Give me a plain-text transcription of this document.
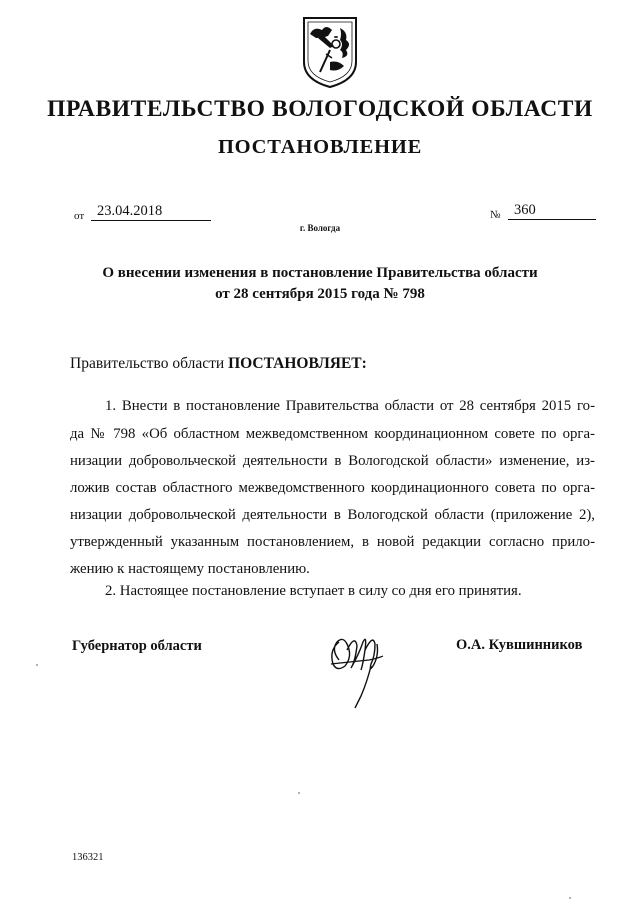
ПРАВИТЕЛЬСТВО ВОЛОГОДСКОЙ ОБЛАСТИ
ПОСТАНОВЛЕНИЕ
от 23.04.2018	№ 360
г. Вологда
О внесении изменения в постановление Правительства области
от 28 сентября 2015 года № 798
Правительство области ПОСТАНОВЛЯЕТ:
1. Внести в постановление Правительства области от 28 сентября 2015 го-
да № 798 «Об областном межведомственном координационном совете по орга-
низации добровольческой деятельности в Вологодской области» изменение, из-
ложив состав областного межведомственного координационного совета по орга-
низации добровольческой деятельности в Вологодской области (приложение 2),
утвержденный указанным постановлением, в новой редакции согласно прило-
жению к настоящему постановлению.
2. Настоящее постановление вступает в силу со дня его принятия.
Губернатор области	О.А. Кувшинников
136321
